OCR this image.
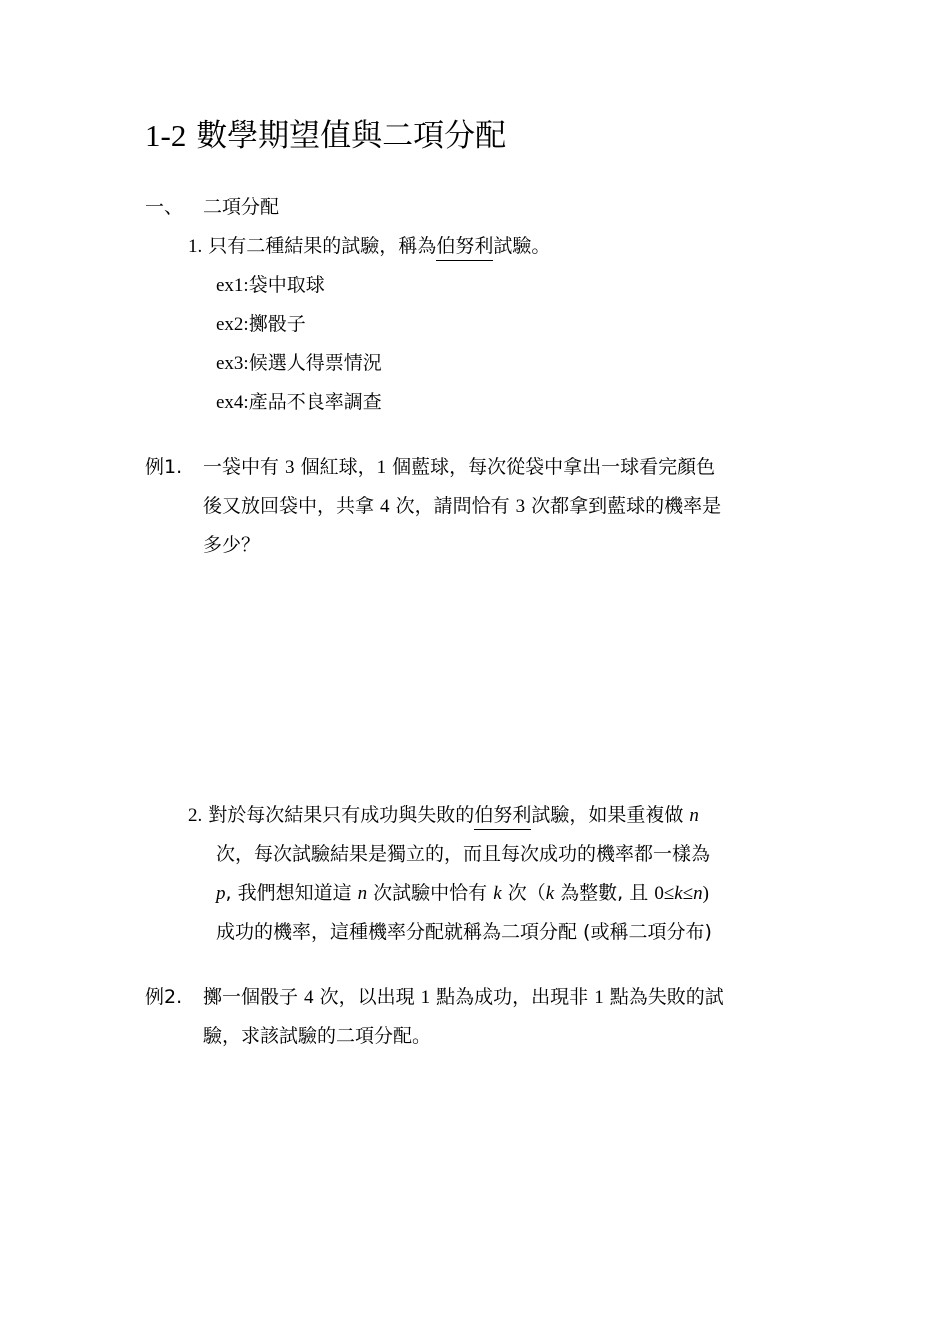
1-2 數學期望值與二項分配
一、 二項分配
1. 只有二種結果的試驗，稱為伯努利試驗。
ex1:袋中取球
ex2:擲骰子
ex3:候選人得票情況
ex4:產品不良率調查
例1. 一袋中有 3 個紅球，1 個藍球，每次從袋中拿出一球看完顏色
後又放回袋中，共拿 4 次，請問恰有 3 次都拿到藍球的機率是
多少？
2. 對於每次結果只有成功與失敗的伯努利試驗，如果重複做 n
次，每次試驗結果是獨立的，而且每次成功的機率都一樣為
p, 我們想知道這 n 次試驗中恰有 k 次（k 為整數, 且 0≤k≤n)
成功的機率，這種機率分配就稱為二項分配 (或稱二項分布)
例2. 擲一個骰子 4 次，以出現 1 點為成功，出現非 1 點為失敗的試
驗，求該試驗的二項分配。
